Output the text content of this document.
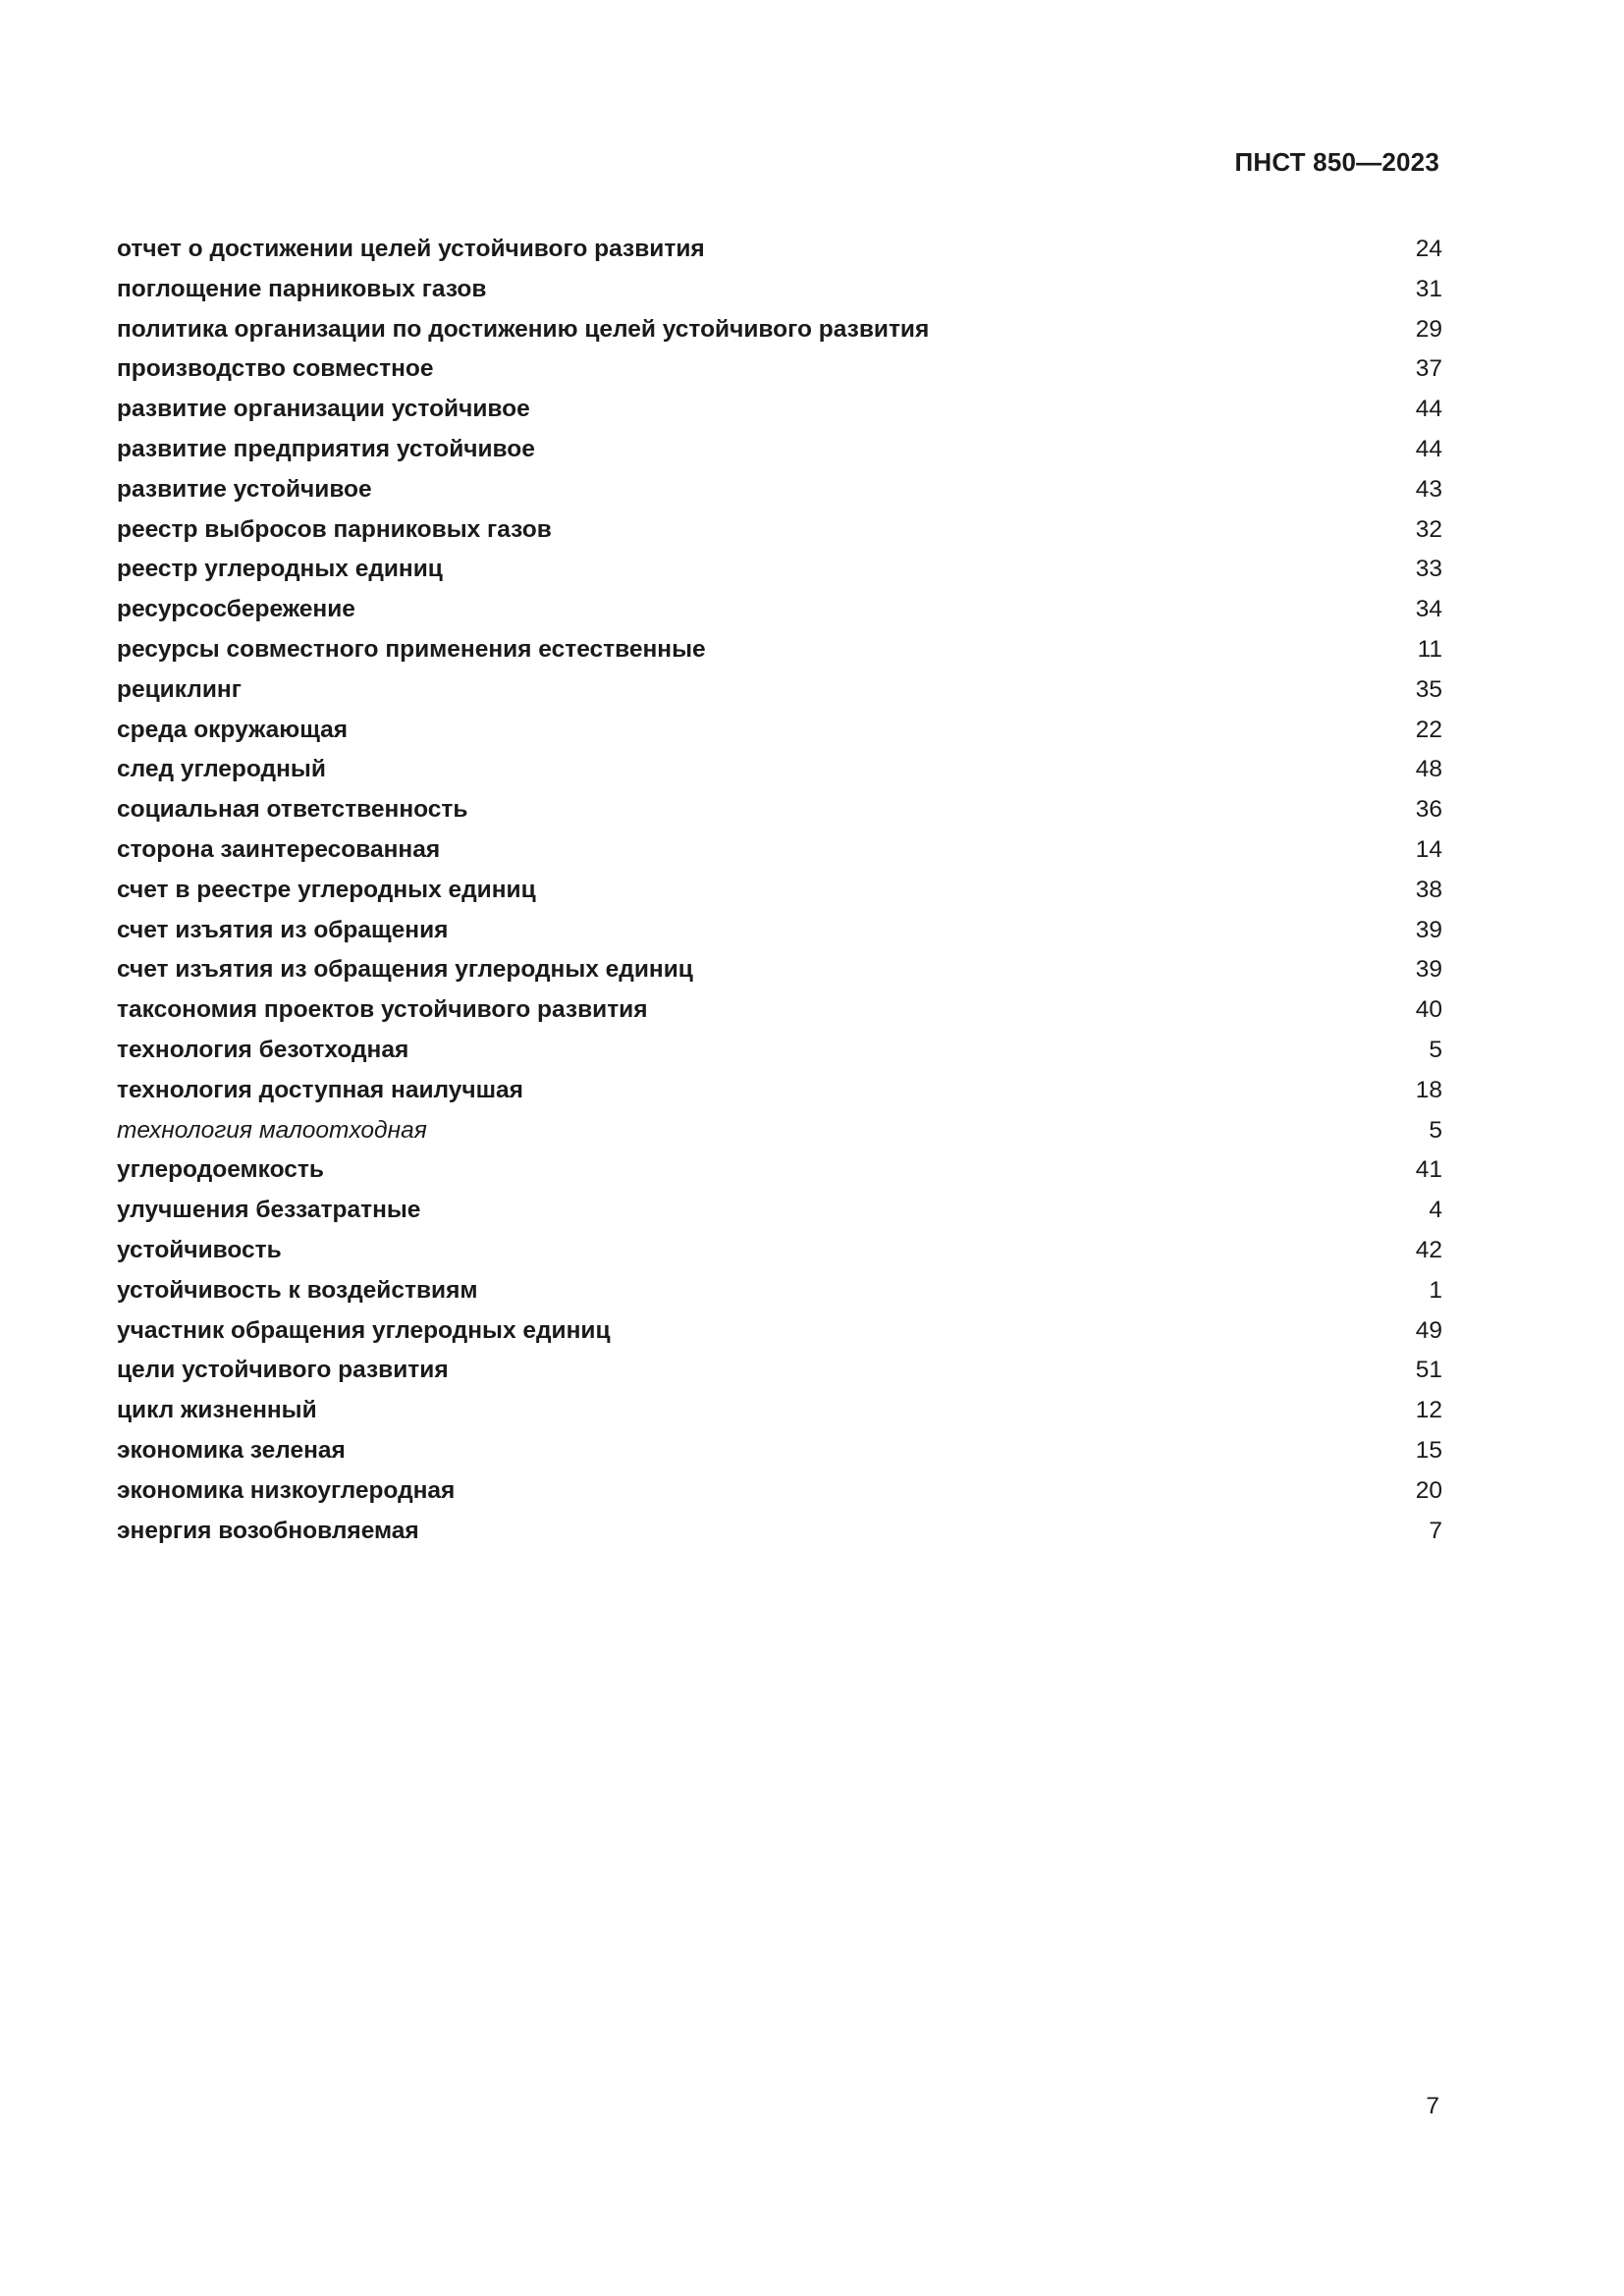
ПНСТ 850—2023
отчет о достижении целей устойчивого развития	24
поглощение парниковых газов	31
политика организации по достижению целей устойчивого развития	29
производство совместное	37
развитие организации устойчивое	44
развитие предприятия устойчивое	44
развитие устойчивое	43
реестр выбросов парниковых газов	32
реестр углеродных единиц	33
ресурсосбережение	34
ресурсы совместного применения естественные	11
рециклинг	35
среда окружающая	22
след углеродный	48
социальная ответственность	36
сторона заинтересованная	14
счет в реестре углеродных единиц	38
счет изъятия из обращения	39
счет изъятия из обращения углеродных единиц	39
таксономия проектов устойчивого развития	40
технология безотходная	5
технология доступная наилучшая	18
технология малоотходная	5
углеродоемкость	41
улучшения беззатратные	4
устойчивость	42
устойчивость к воздействиям	1
участник обращения углеродных единиц	49
цели устойчивого развития	51
цикл жизненный	12
экономика зеленая	15
экономика низкоуглеродная	20
энергия возобновляемая	7
7
